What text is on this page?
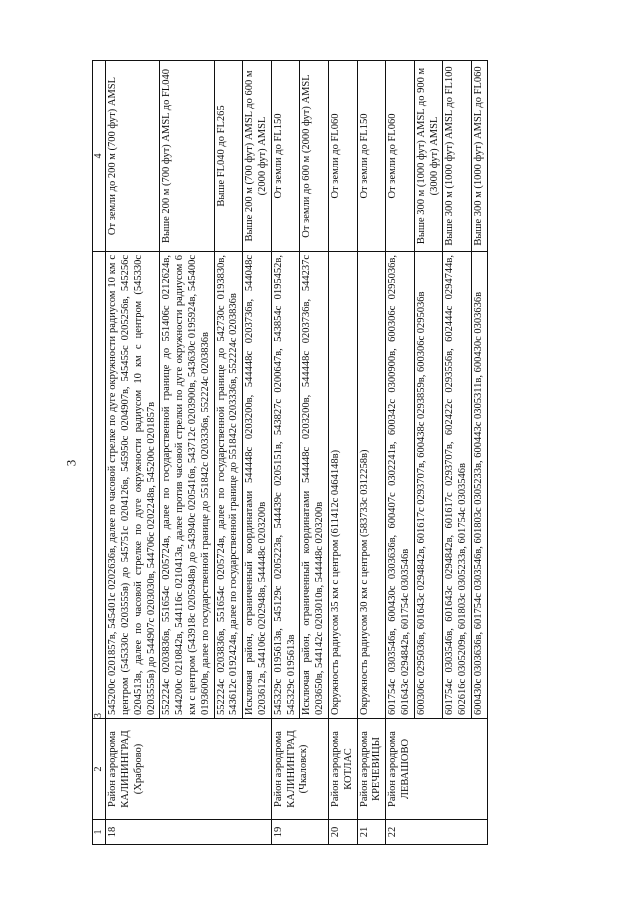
3
1	2	3	4
18	Район аэродрома КАЛИНИНГРАД (Храброво)	545200с 0201857в, 545401с 0202636в, далее по часовой стрелке по дуге окружности радиусом 10 км с центром (545330с 0203555в) до 545751с 0204126в, 545950с 0204907в, 545455с 0205256в, 545256с 0204513в, далее по часовой стрелке по дуге окружности радиусом 10 км с центром (545330с 0203555в) до 544907с 0203030в, 544706с 0202248в, 545200с 0201857в	От земли до 200 м (700 фут) AMSL
		552224с 0203836в, 551654с 0205724в, далее по государственной границе до 551406с 0212624в, 544200с 0210842в, 544116с 0210413в, далее против часовой стрелки по дуге окружности радиусом 6 км с центром (543918с 0205948в) до 543940с 0205416в, 543712с 0203900в, 543630с 0195924в, 545400с 0193600в, далее по государственной границе до 551842с 0203336в, 552224с 0203836в	Выше 200 м (700 фут) AMSL до FL040
		552224с 0203836в, 551654с 0205724в, далее по государственной границе до 542730с 0193830в, 543612с 0192424в, далее по государственной границе до 551842с 0203336в, 552224с 0203836в	Выше FL040 до FL265
		Исключая район, ограниченный координатами 544448с 0203200в, 544448с 0203736в, 544048с 0203612в, 544106с 0202948в, 544448с 0203200в	Выше 200 м (700 фут) AMSL до 600 м (2000 фут) AMSL
19	Район аэродрома КАЛИНИНГРАД (Чкаловск)	545329с 0195613в, 545129с 0205223в, 544439с 0205151в, 543827с 0200647в, 543854с 0195452в, 545329с 0195613в	От земли до FL150
		Исключая район, ограниченный координатами 544448с 0203200в, 544448с 0203736в, 544237с 0203650в, 544142с 0203010в, 544448с 0203200в	От земли до 600 м (2000 фут) AMSL
20	Район аэродрома КОТЛАС	Окружность радиусом 35 км с центром (611412с 0464148в)	От земли до FL060
21	Район аэродрома КРЕЧЕВИЦЫ	Окружность радиусом 30 км с центром (583733с 0312258в)	От земли до FL150
22	Район аэродрома ЛЕВАШОВО	601754с 0303546в, 600430с 0303636в, 600407с 0302241в, 600342с 0300900в, 600306с 0295036в, 601643с 0294842в, 601754с 0303546в	От земли до FL060
		600306с 0295036в, 601643с 0294842в, 601617с 0293707в, 600438с 0293859в, 600306с 0295036в	Выше 300 м (1000 фут) AMSL до 900 м (3000 фут) AMSL
		601754с 0303546в, 601643с 0294842в, 601617с 0293707в, 602422с 0293556в, 602444с 0294744в, 602616с 0305209в, 601803с 0305233в, 601754с 0303546в	Выше 300 м (1000 фут) AMSL до FL100
		600430с 0303636в, 601754с 0303546в, 601803с 0305233в, 600443с 0305311в, 600430с 0303636в	Выше 300 м (1000 фут) AMSL до FL060
